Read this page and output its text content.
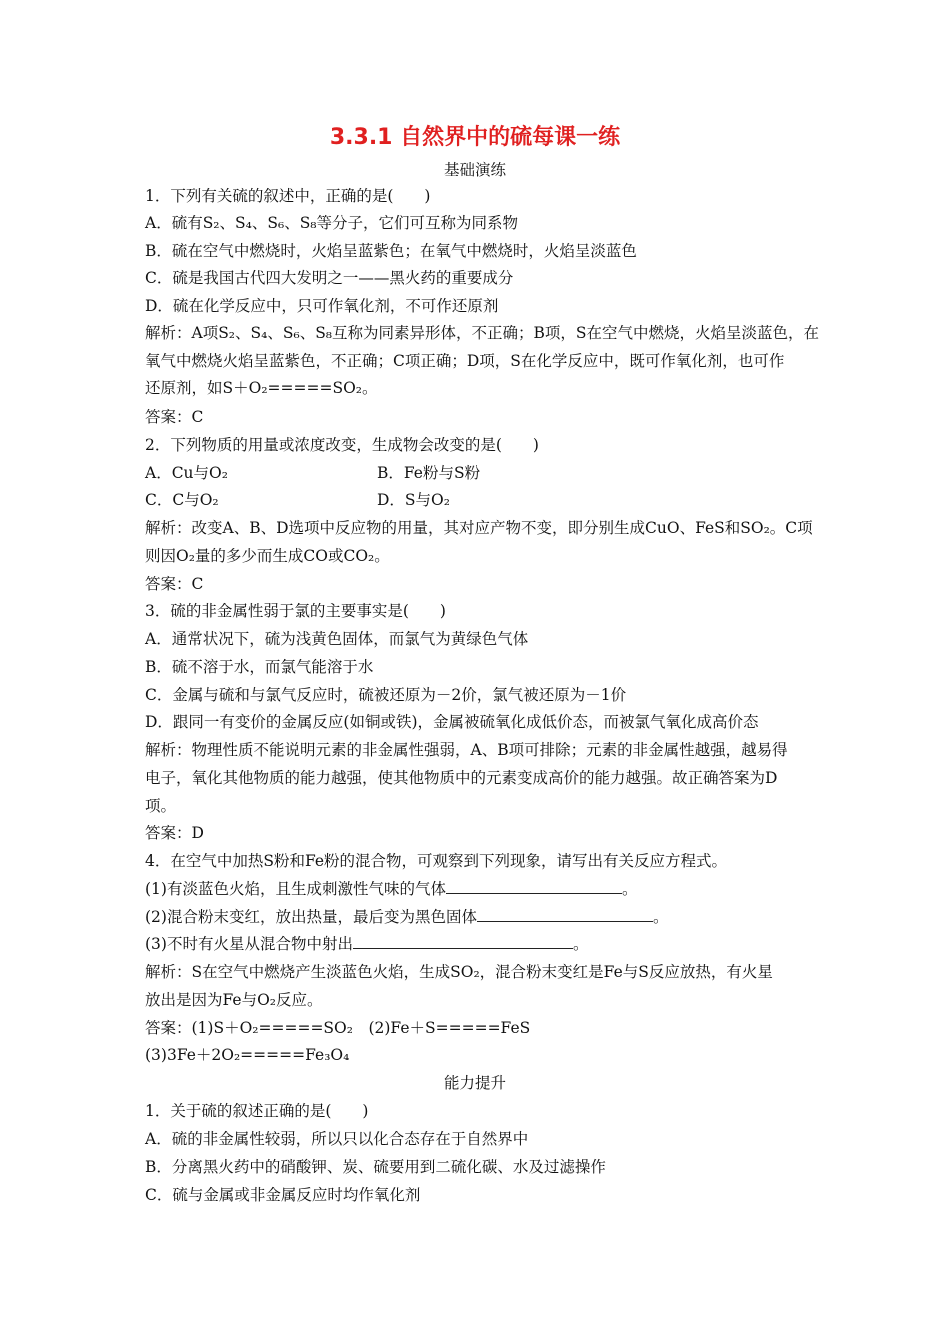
3.3.1 自然界中的硫每课一练
基础演练
1．下列有关硫的叙述中，正确的是(　　)
A．硫有S₂、S₄、S₆、S₈等分子，它们可互称为同系物
B．硫在空气中燃烧时，火焰呈蓝紫色；在氧气中燃烧时，火焰呈淡蓝色
C．硫是我国古代四大发明之一——黑火药的重要成分
D．硫在化学反应中，只可作氧化剂，不可作还原剂
解析：A项S₂、S₄、S₆、S₈互称为同素异形体，不正确；B项，S在空气中燃烧，火焰呈淡蓝色，在
氧气中燃烧火焰呈蓝紫色，不正确；C项正确；D项，S在化学反应中，既可作氧化剂，也可作
还原剂，如S＋O₂=====SO₂。
答案：C
2．下列物质的用量或浓度改变，生成物会改变的是(　　)
A．Cu与O₂	B．Fe粉与S粉
C．C与O₂	D．S与O₂
解析：改变A、B、D选项中反应物的用量，其对应产物不变，即分别生成CuO、FeS和SO₂。C项
则因O₂量的多少而生成CO或CO₂。
答案：C
3．硫的非金属性弱于氯的主要事实是(　　)
A．通常状况下，硫为浅黄色固体，而氯气为黄绿色气体
B．硫不溶于水，而氯气能溶于水
C．金属与硫和与氯气反应时，硫被还原为－2价，氯气被还原为－1价
D．跟同一有变价的金属反应(如铜或铁)，金属被硫氧化成低价态，而被氯气氧化成高价态
解析：物理性质不能说明元素的非金属性强弱，A、B项可排除；元素的非金属性越强，越易得
电子，氧化其他物质的能力越强，使其他物质中的元素变成高价的能力越强。故正确答案为D
项。
答案：D
4．在空气中加热S粉和Fe粉的混合物，可观察到下列现象，请写出有关反应方程式。
(1)有淡蓝色火焰，且生成刺激性气味的气体	。
(2)混合粉末变红，放出热量，最后变为黑色固体	。
(3)不时有火星从混合物中射出	。
解析：S在空气中燃烧产生淡蓝色火焰，生成SO₂，混合粉末变红是Fe与S反应放热，有火星
放出是因为Fe与O₂反应。
答案：(1)S＋O₂=====SO₂　(2)Fe＋S=====FeS
(3)3Fe＋2O₂=====Fe₃O₄
能力提升
1．关于硫的叙述正确的是(　　)
A．硫的非金属性较弱，所以只以化合态存在于自然界中
B．分离黑火药中的硝酸钾、炭、硫要用到二硫化碳、水及过滤操作
C．硫与金属或非金属反应时均作氧化剂
